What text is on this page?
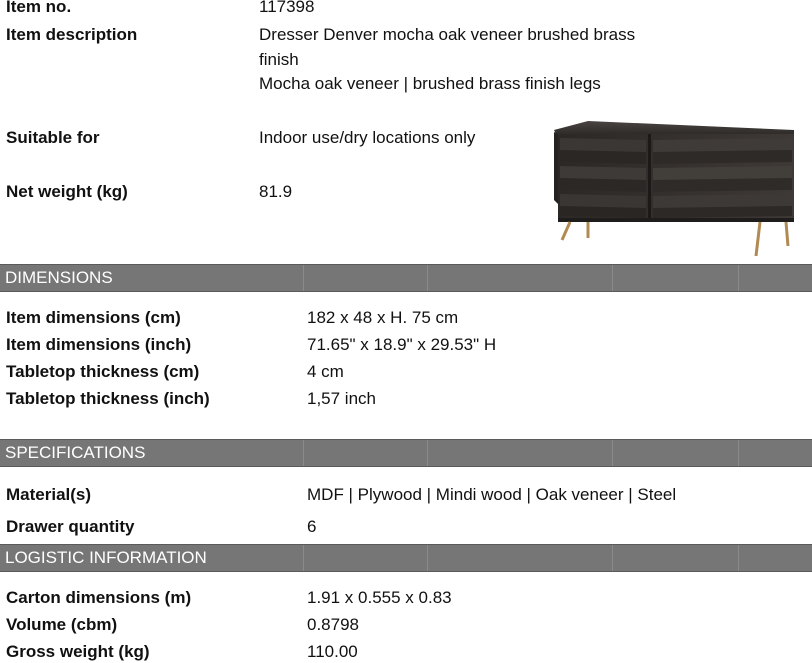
Item no.	117398
Item description	Dresser Denver mocha oak veneer brushed brass
finish
Mocha oak veneer | brushed brass finish legs
Suitable for	Indoor use/dry locations only
Net weight (kg)	81.9
DIMENSIONS
Item dimensions (cm)	182 x 48 x H. 75 cm
Item dimensions (inch)	71.65" x 18.9" x 29.53" H
Tabletop thickness (cm)	4 cm
Tabletop thickness (inch)	1,57 inch
SPECIFICATIONS
Material(s)	MDF | Plywood | Mindi wood | Oak veneer | Steel
Drawer quantity	6
LOGISTIC INFORMATION
Carton dimensions (m)	1.91 x 0.555 x 0.83
Volume (cbm)	0.8798
Gross weight (kg)	110.00
